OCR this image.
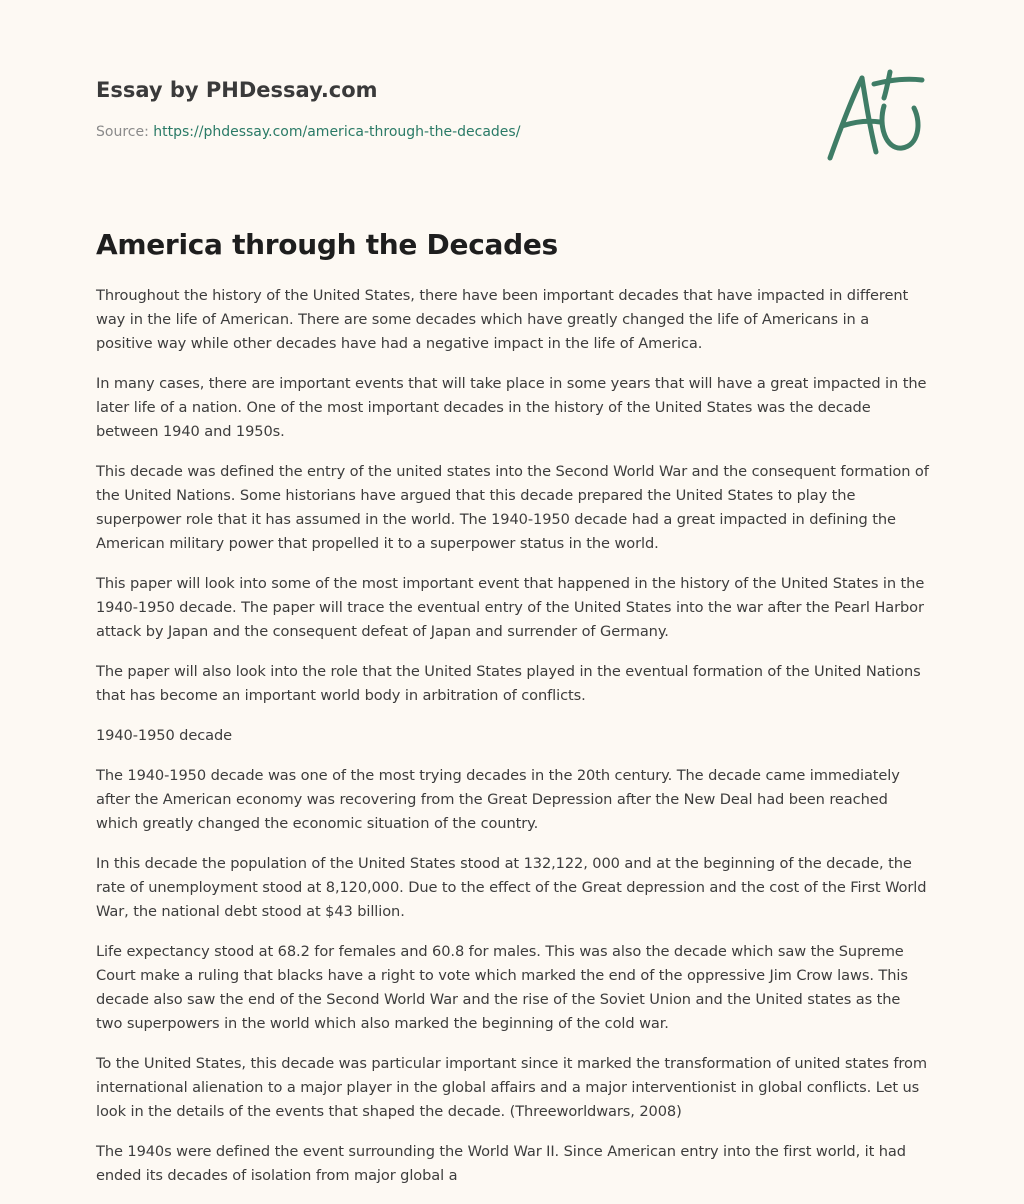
Essay by PHDessay.com
Source: https://phdessay.com/america-through-the-decades/
America through the Decades

Throughout the history of the United States, there have been important decades that have impacted in different way in the life of American. There are some decades which have greatly changed the life of Americans in a positive way while other decades have had a negative impact in the life of America.

In many cases, there are important events that will take place in some years that will have a great impacted in the later life of a nation. One of the most important decades in the history of the United States was the decade between 1940 and 1950s.

This decade was defined the entry of the united states into the Second World War and the consequent formation of the United Nations. Some historians have argued that this decade prepared the United States to play the superpower role that it has assumed in the world. The 1940-1950 decade had a great impacted in defining the American military power that propelled it to a superpower status in the world.

This paper will look into some of the most important event that happened in the history of the United States in the 1940-1950 decade. The paper will trace the eventual entry of the United States into the war after the Pearl Harbor attack by Japan and the consequent defeat of Japan and surrender of Germany.

The paper will also look into the role that the United States played in the eventual formation of the United Nations that has become an important world body in arbitration of conflicts.

1940-1950 decade

The 1940-1950 decade was one of the most trying decades in the 20th century. The decade came immediately after the American economy was recovering from the Great Depression after the New Deal had been reached which greatly changed the economic situation of the country.

In this decade the population of the United States stood at 132,122, 000 and at the beginning of the decade, the rate of unemployment stood at 8,120,000. Due to the effect of the Great depression and the cost of the First World War, the national debt stood at $43 billion.

Life expectancy stood at 68.2 for females and 60.8 for males. This was also the decade which saw the Supreme Court make a ruling that blacks have a right to vote which marked the end of the oppressive Jim Crow laws. This decade also saw the end of the Second World War and the rise of the Soviet Union and the United states as the two superpowers in the world which also marked the beginning of the cold war.

To the United States, this decade was particular important since it marked the transformation of united states from international alienation to a major player in the global affairs and a major interventionist in global conflicts. Let us look in the details of the events that shaped the decade. (Threeworldwars, 2008)

The 1940s were defined the event surrounding the World War II. Since American entry into the first world, it had ended its decades of isolation from major global a
